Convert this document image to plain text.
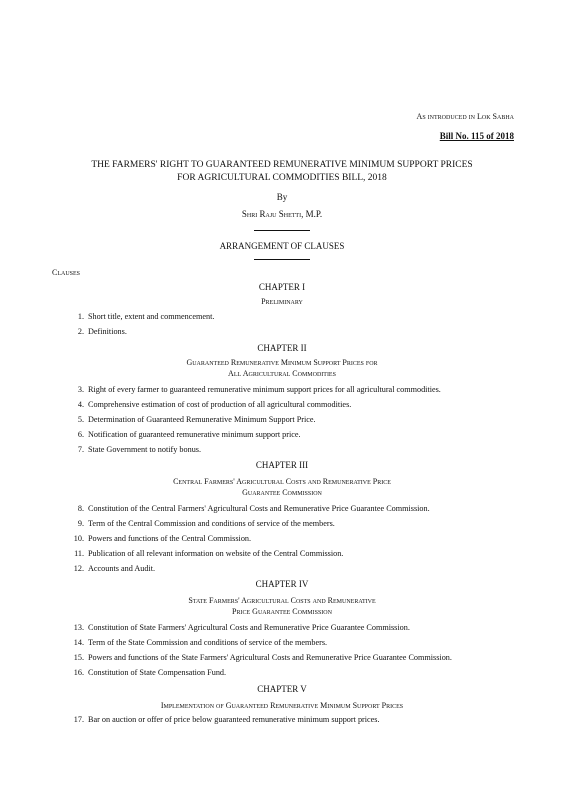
As introduced in Lok Sabha
Bill No. 115 of 2018
THE FARMERS' RIGHT TO GUARANTEED REMUNERATIVE MINIMUM SUPPORT PRICES
FOR AGRICULTURAL COMMODITIES BILL, 2018
By
Shri Raju Shetti, M.P.
ARRANGEMENT OF CLAUSES
Clauses
CHAPTER I
Preliminary
1. Short title, extent and commencement.
2. Definitions.
CHAPTER II
Guaranteed Remunerative Minimum Support Prices for
All Agricultural Commodities
3. Right of every farmer to guaranteed remunerative minimum support prices for all agricultural commodities.
4. Comprehensive estimation of cost of production of all agricultural commodities.
5. Determination of Guaranteed Remunerative Minimum Support Price.
6. Notification of guaranteed remunerative minimum support price.
7. State Government to notify bonus.
CHAPTER III
Central Farmers' Agricultural Costs and Remunerative Price
Guarantee Commission
8. Constitution of the Central Farmers' Agricultural Costs and Remunerative Price Guarantee Commission.
9. Term of the Central Commission and conditions of service of the members.
10. Powers and functions of the Central Commission.
11. Publication of all relevant information on website of the Central Commission.
12. Accounts and Audit.
CHAPTER IV
State Farmers' Agricultural Costs and Remunerative
Price Guarantee Commission
13. Constitution of State Farmers' Agricultural Costs and Remunerative Price Guarantee Commission.
14. Term of the State Commission and conditions of service of the members.
15. Powers and functions of the State Farmers' Agricultural Costs and Remunerative Price Guarantee Commission.
16. Constitution of State Compensation Fund.
CHAPTER V
Implementation of Guaranteed Remunerative Minimum Support Prices
17. Bar on auction or offer of price below guaranteed remunerative minimum support prices.
